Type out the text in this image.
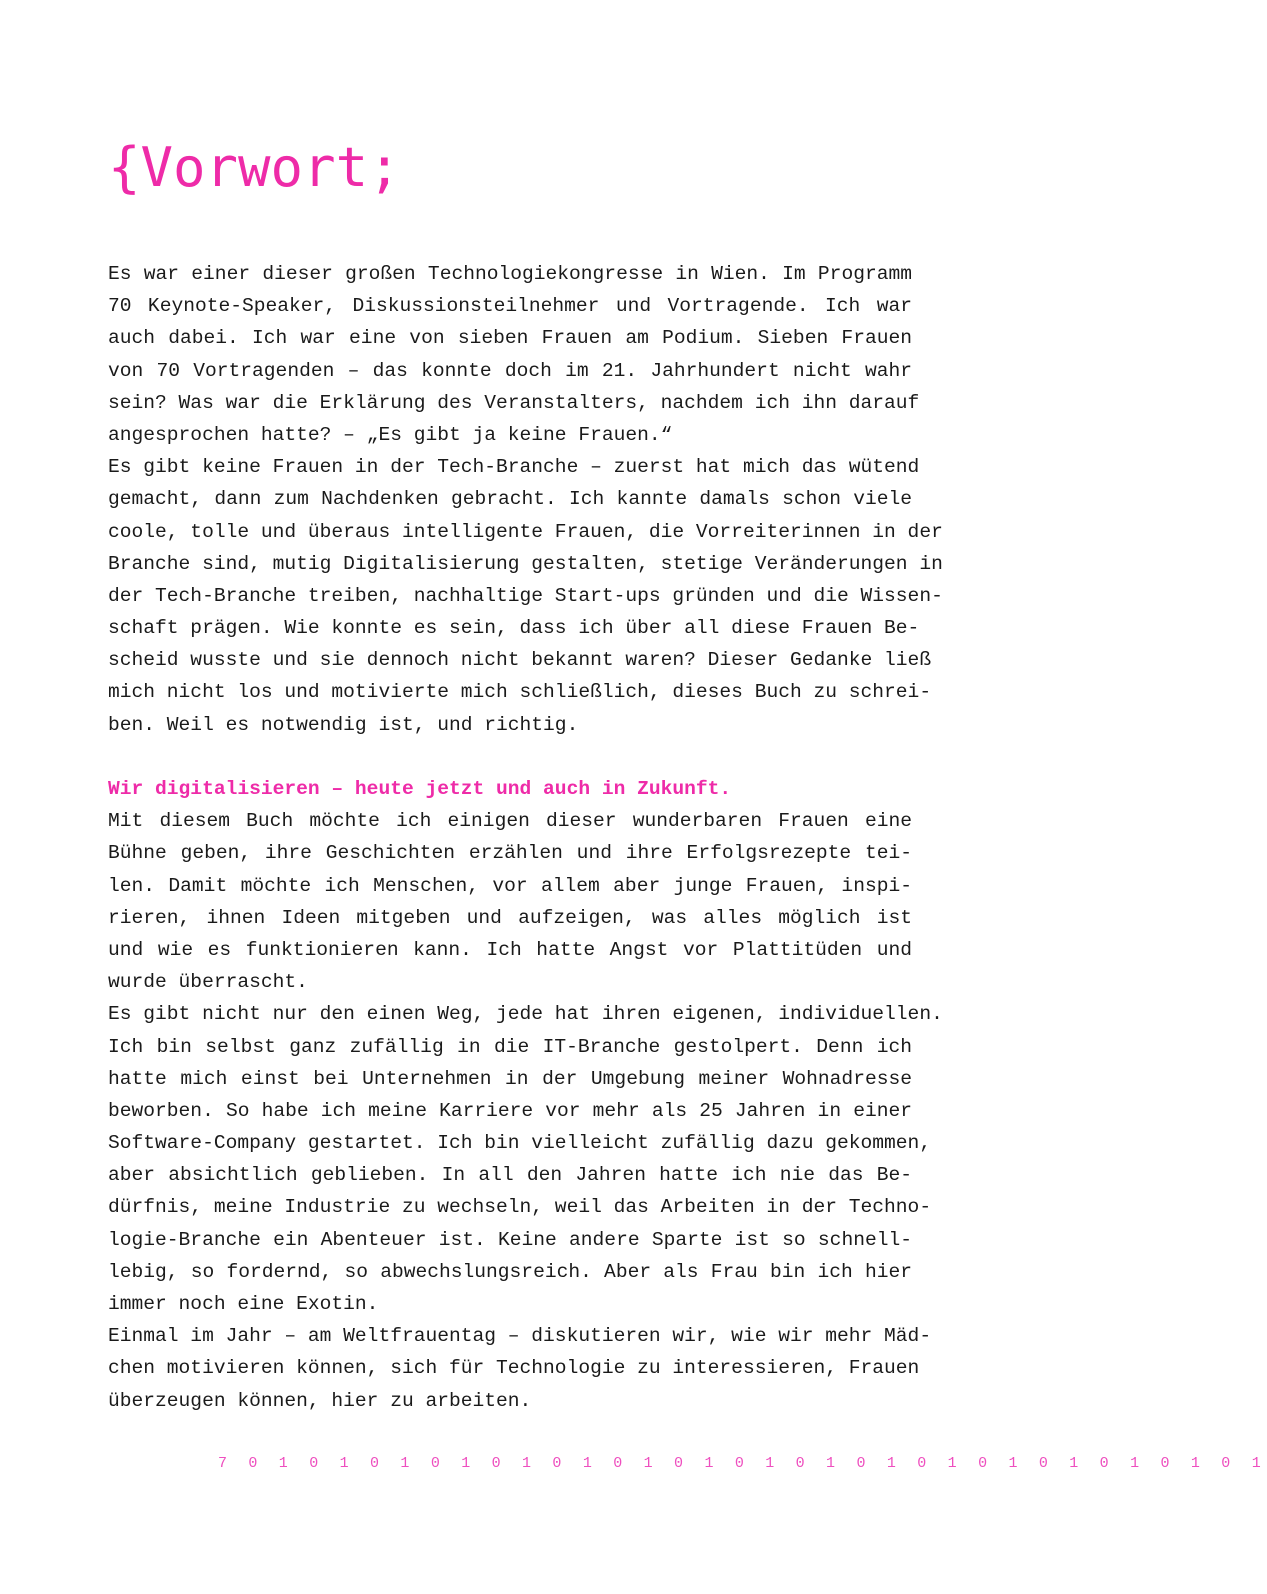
{Vorwort;
Es war einer dieser großen Technologiekongresse in Wien. Im Programm
70 Keynote-Speaker, Diskussionsteilnehmer und Vortragende. Ich war
auch dabei. Ich war eine von sieben Frauen am Podium. Sieben Frauen
von 70 Vortragenden – das konnte doch im 21. Jahrhundert nicht wahr
sein? Was war die Erklärung des Veranstalters, nachdem ich ihn darauf
angesprochen hatte? – „Es gibt ja keine Frauen.“
Es gibt keine Frauen in der Tech-Branche – zuerst hat mich das wütend
gemacht, dann zum Nachdenken gebracht. Ich kannte damals schon viele
coole, tolle und überaus intelligente Frauen, die Vorreiterinnen in der
Branche sind, mutig Digitalisierung gestalten, stetige Veränderungen in
der Tech-Branche treiben, nachhaltige Start-ups gründen und die Wissen-
schaft prägen. Wie konnte es sein, dass ich über all diese Frauen Be-
scheid wusste und sie dennoch nicht bekannt waren? Dieser Gedanke ließ
mich nicht los und motivierte mich schließlich, dieses Buch zu schrei-
ben. Weil es notwendig ist, und richtig.
Wir digitalisieren – heute jetzt und auch in Zukunft.
Mit diesem Buch möchte ich einigen dieser wunderbaren Frauen eine
Bühne geben, ihre Geschichten erzählen und ihre Erfolgsrezepte tei-
len. Damit möchte ich Menschen, vor allem aber junge Frauen, inspi-
rieren, ihnen Ideen mitgeben und aufzeigen, was alles möglich ist
und wie es funktionieren kann. Ich hatte Angst vor Plattitüden und
wurde überrascht.
Es gibt nicht nur den einen Weg, jede hat ihren eigenen, individuellen.
Ich bin selbst ganz zufällig in die IT-Branche gestolpert. Denn ich
hatte mich einst bei Unternehmen in der Umgebung meiner Wohnadresse
beworben. So habe ich meine Karriere vor mehr als 25 Jahren in einer
Software-Company gestartet. Ich bin vielleicht zufällig dazu gekommen,
aber absichtlich geblieben. In all den Jahren hatte ich nie das Be-
dürfnis, meine Industrie zu wechseln, weil das Arbeiten in der Techno-
logie-Branche ein Abenteuer ist. Keine andere Sparte ist so schnell-
lebig, so fordernd, so abwechslungsreich. Aber als Frau bin ich hier
immer noch eine Exotin.
Einmal im Jahr – am Weltfrauentag – diskutieren wir, wie wir mehr Mäd-
chen motivieren können, sich für Technologie zu interessieren, Frauen
überzeugen können, hier zu arbeiten.
7 0 1 0 1 0 1 0 1 0 1 0 1 0 1 0 1 0 1 0 1 0 1 0 1 0 1 0 1 0 1 0 1 0 1
